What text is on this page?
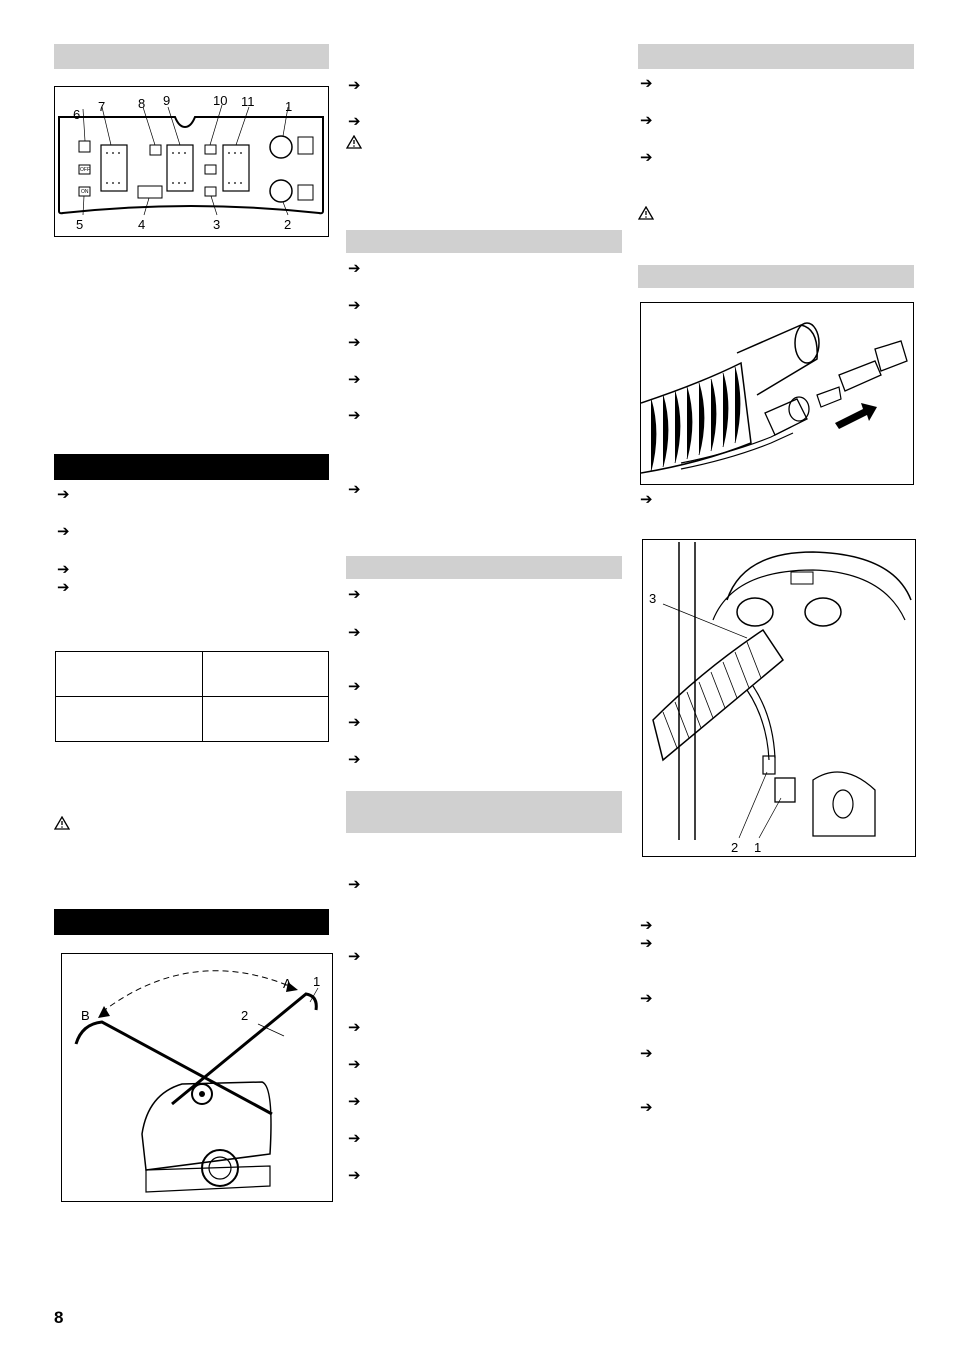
OFF
ON
6
7	8 9	10 11 1
5	4	3	2
➔
➔
➔
➔

A 1
B	2
➔
➔
➔
➔
➔
➔
➔
➔
➔
➔
➔
➔
➔
➔
➔
➔
➔
➔
➔
➔
➔
➔
➔
➔
3
2 1
➔
➔
➔
➔
➔
8
